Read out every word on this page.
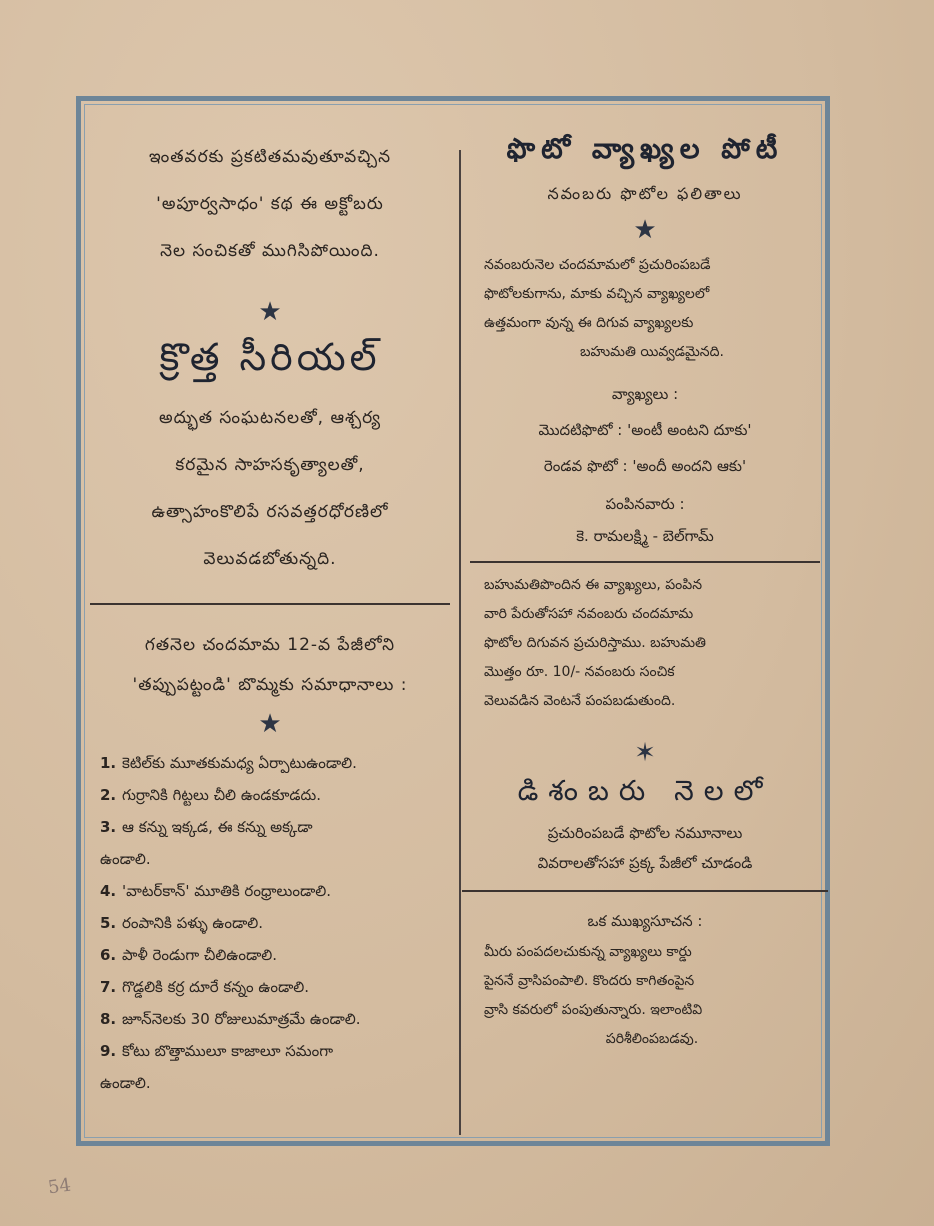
ఇంతవరకు ప్రకటితమవుతూవచ్చిన
'అపూర్వసాధం' కథ ఈ అక్టోబరు
నెల సంచికతో ముగిసిపోయింది.
★
క్రొత్త సీరియల్
అద్భుత సంఘటనలతో, ఆశ్చర్య
కరమైన సాహసకృత్యాలతో,
ఉత్సాహంకొలిపే రసవత్తరధోరణిలో
వెలువడబోతున్నది.
గతనెల చందమామ 12-వ పేజీలోని
'తప్పుపట్టండి' బొమ్మకు సమాధానాలు :
★
1. కెటిల్‌కు మూతకుమధ్య ఏర్పాటుఉండాలి.
2. గుర్రానికి గిట్టలు చీలి ఉండకూడదు.
3. ఆ కన్ను ఇక్కడ, ఈ కన్ను అక్కడా
ఉండాలి.
4. 'వాటర్‌కాన్' మూతికి రంధ్రాలుండాలి.
5. రంపానికి పళ్ళు ఉండాలి.
6. పాళీ రెండుగా చీలిఉండాలి.
7. గొడ్డలికి కర్ర దూరే కన్నం ఉండాలి.
8. జూన్‌నెలకు 30 రోజులుమాత్రమే ఉండాలి.
9. కోటు బొత్తాములూ కాజాలూ సమంగా
ఉండాలి.
ఫొటో వ్యాఖ్యల పోటీ
నవంబరు ఫొటోల ఫలితాలు
★
నవంబరునెల చందమామలో ప్రచురింపబడే
ఫొటోలకుగాను, మాకు వచ్చిన వ్యాఖ్యలలో
ఉత్తమంగా వున్న ఈ దిగువ వ్యాఖ్యలకు
బహుమతి యివ్వడమైనది.
వ్యాఖ్యలు :
మొదటిఫొటో : 'అంటీ అంటని దూకు'
రెండవ ఫొటో : 'అందీ అందని ఆకు'
పంపినవారు :
కె. రామలక్ష్మి - బెల్‌గామ్
బహుమతిపొందిన ఈ వ్యాఖ్యలు, పంపిన
వారి పేరుతోసహా నవంబరు చందమామ
ఫొటోల దిగువన ప్రచురిస్తాము. బహుమతి
మొత్తం రూ. 10/- నవంబరు సంచిక
వెలువడిన వెంటనే పంపబడుతుంది.
✶
డిశంబరు నెలలో
ప్రచురింపబడే ఫొటోల నమూనాలు
వివరాలతోసహా ప్రక్క పేజీలో చూడండి
ఒక ముఖ్యసూచన :
మీరు పంపదలచుకున్న వ్యాఖ్యలు కార్డు
పైననే వ్రాసిపంపాలి. కొందరు కాగితంపైన
వ్రాసి కవరులో పంపుతున్నారు. ఇలాంటివి
పరిశీలింపబడవు.
54
